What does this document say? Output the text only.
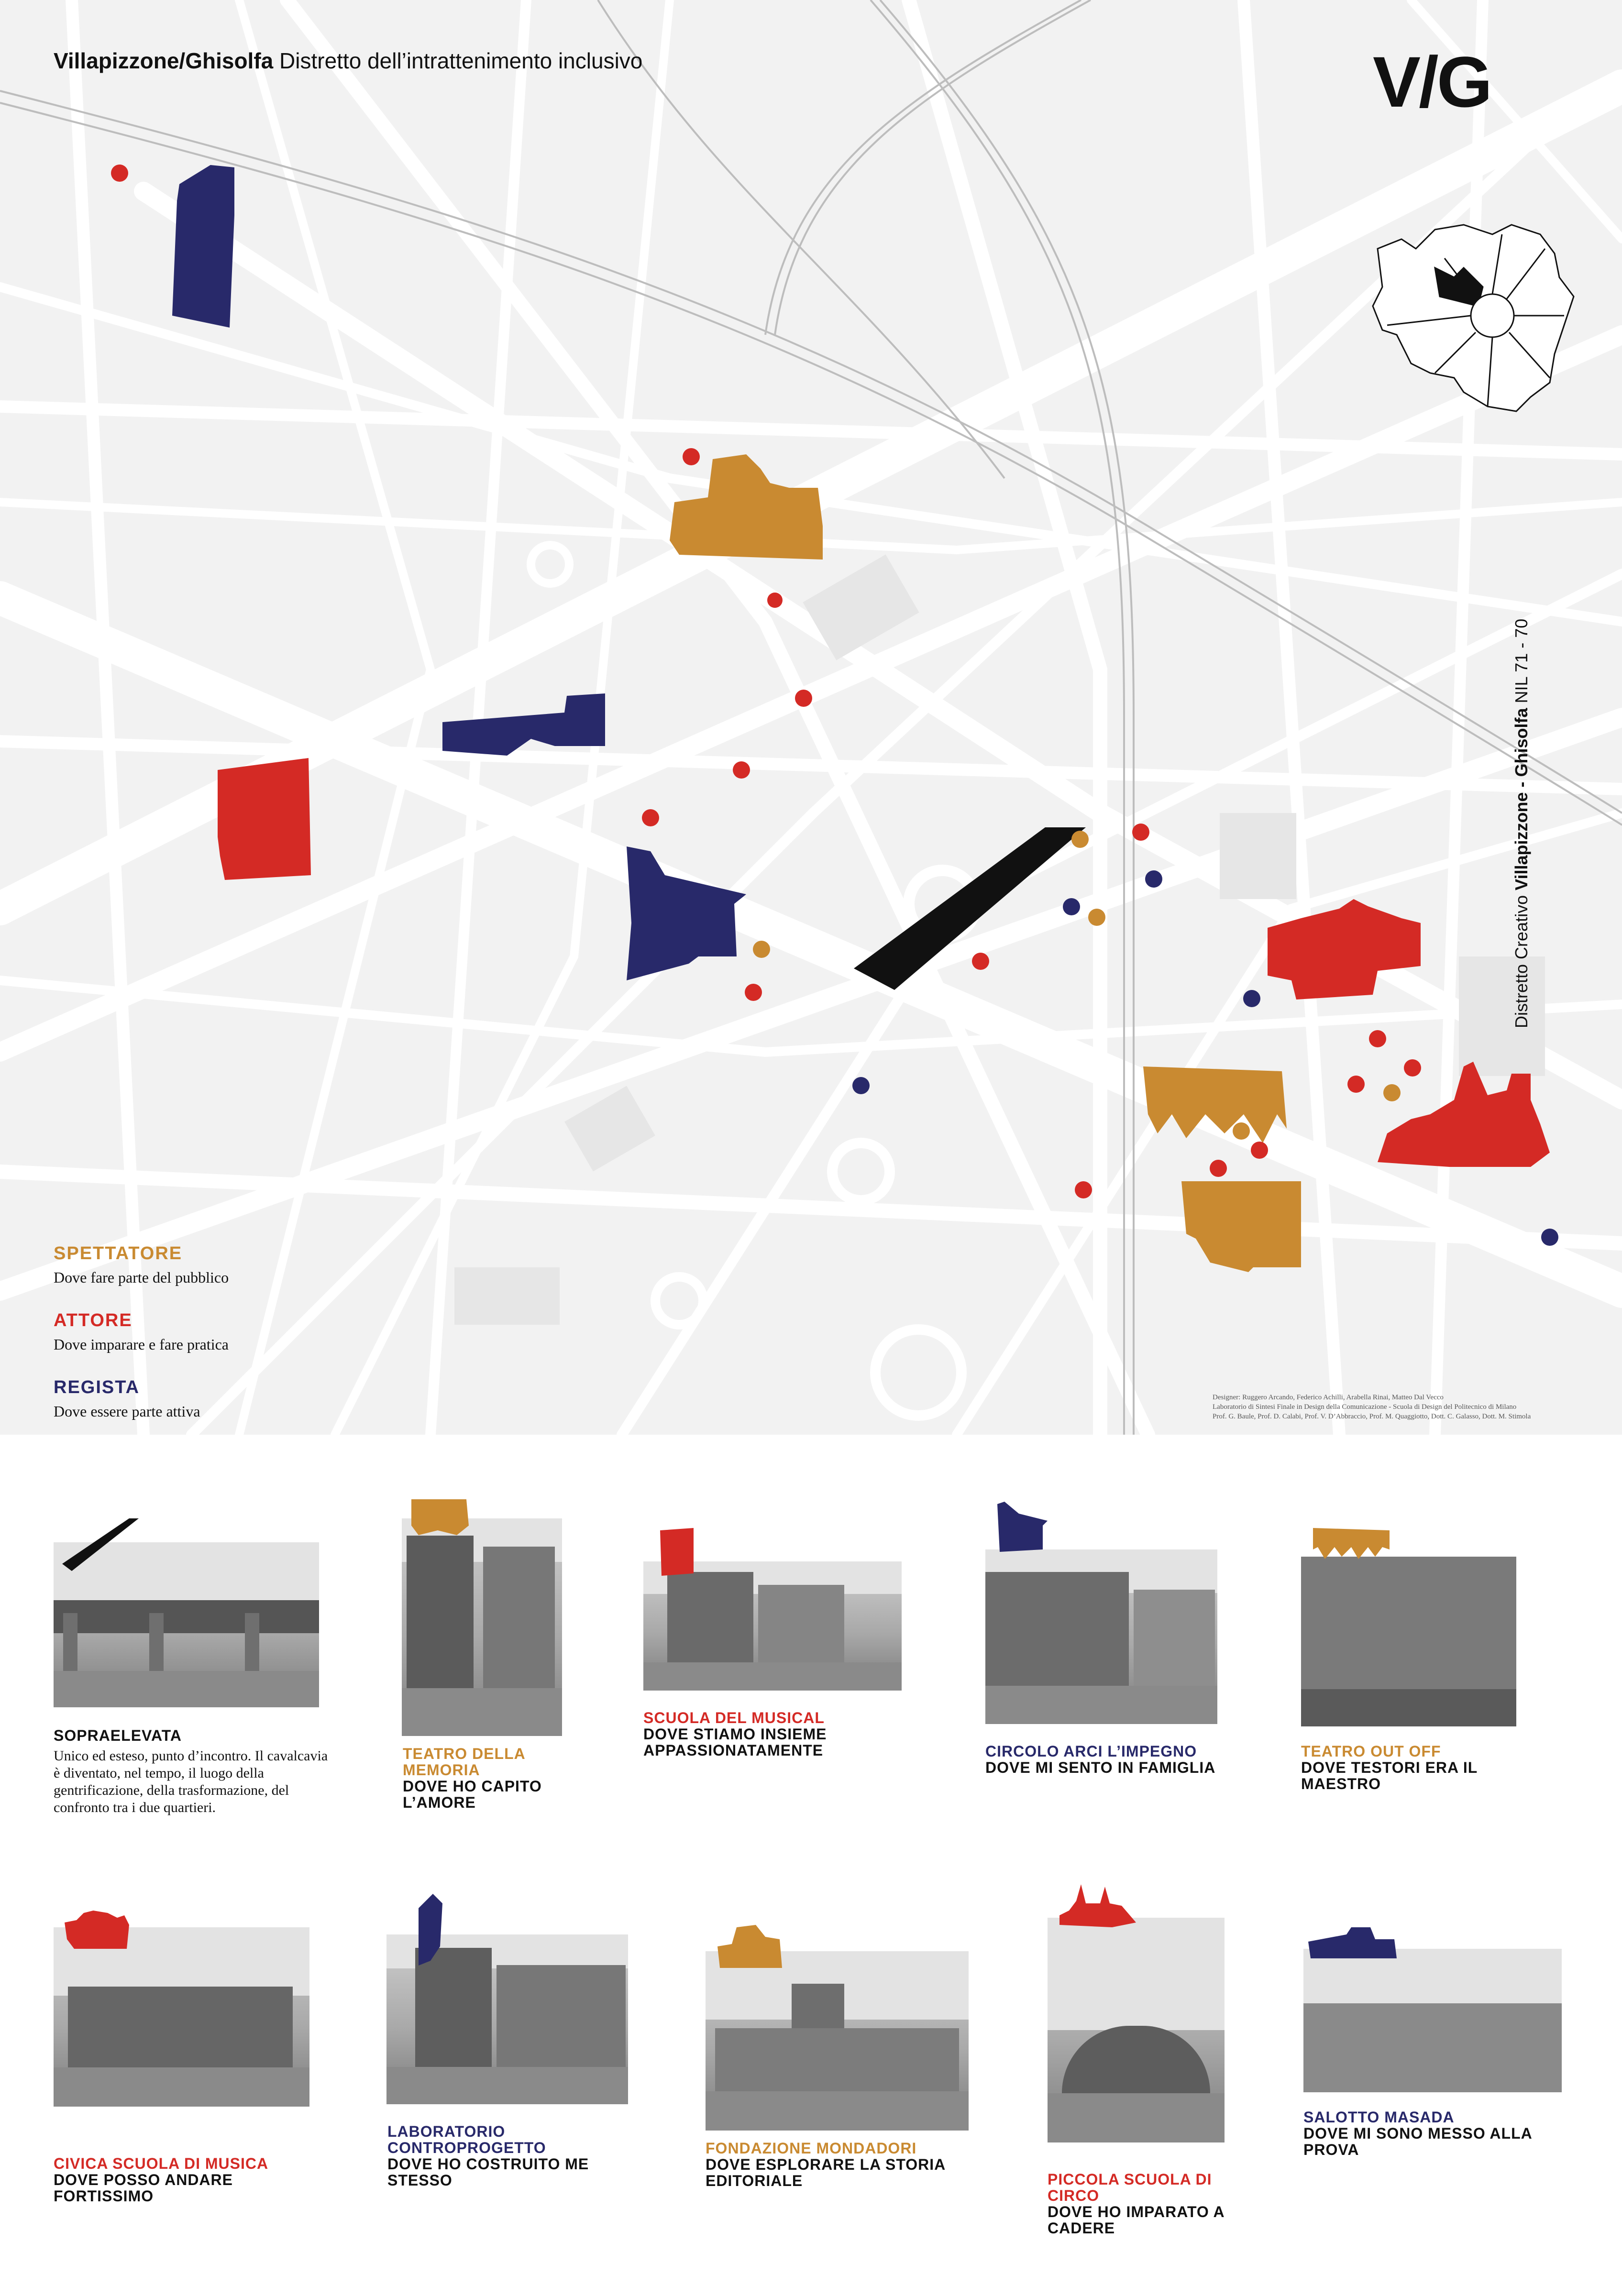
Villapizzone/Ghisolfa Distretto dell’intrattenimento inclusivo	V/G
Distretto Creativo Villapizzone - Ghisolfa NIL 71 - 70
SPETTATORE
Dove fare parte del pubblico
ATTORE
Dove imparare e fare pratica
REGISTA
Dove essere parte attiva
Designer: Ruggero Arcando, Federico Achilli, Arabella Rinai, Matteo Dal Vecco
Laboratorio di Sintesi Finale in Design della Comunicazione - Scuola di Design del Politecnico di Milano
Prof. G. Baule, Prof. D. Calabi, Prof. V. D’Abbraccio, Prof. M. Quaggiotto, Dott. C. Galasso, Dott. M. Stimola
SOPRAELEVATA
Unico ed esteso, punto d’incontro. Il cavalcavia è diventato, nel tempo, il luogo della gentrificazione, della trasformazione, del confronto tra i due quartieri.
TEATRO DELLA MEMORIA
DOVE HO CAPITO L’AMORE
SCUOLA DEL MUSICAL
DOVE STIAMO INSIEME APPASSIONATAMENTE	CIRCOLO ARCI L’IMPEGNO
DOVE MI SENTO IN FAMIGLIA
TEATRO OUT OFF
DOVE TESTORI ERA IL MAESTRO
CIVICA SCUOLA DI MUSICA
DOVE POSSO ANDARE FORTISSIMO
LABORATORIO CONTROPROGETTO
DOVE HO COSTRUITO ME STESSO
FONDAZIONE MONDADORI
DOVE ESPLORARE LA STORIA EDITORIALE	PICCOLA SCUOLA DI CIRCO
DOVE HO IMPARATO A CADERE
SALOTTO MASADA
DOVE MI SONO MESSO ALLA PROVA
